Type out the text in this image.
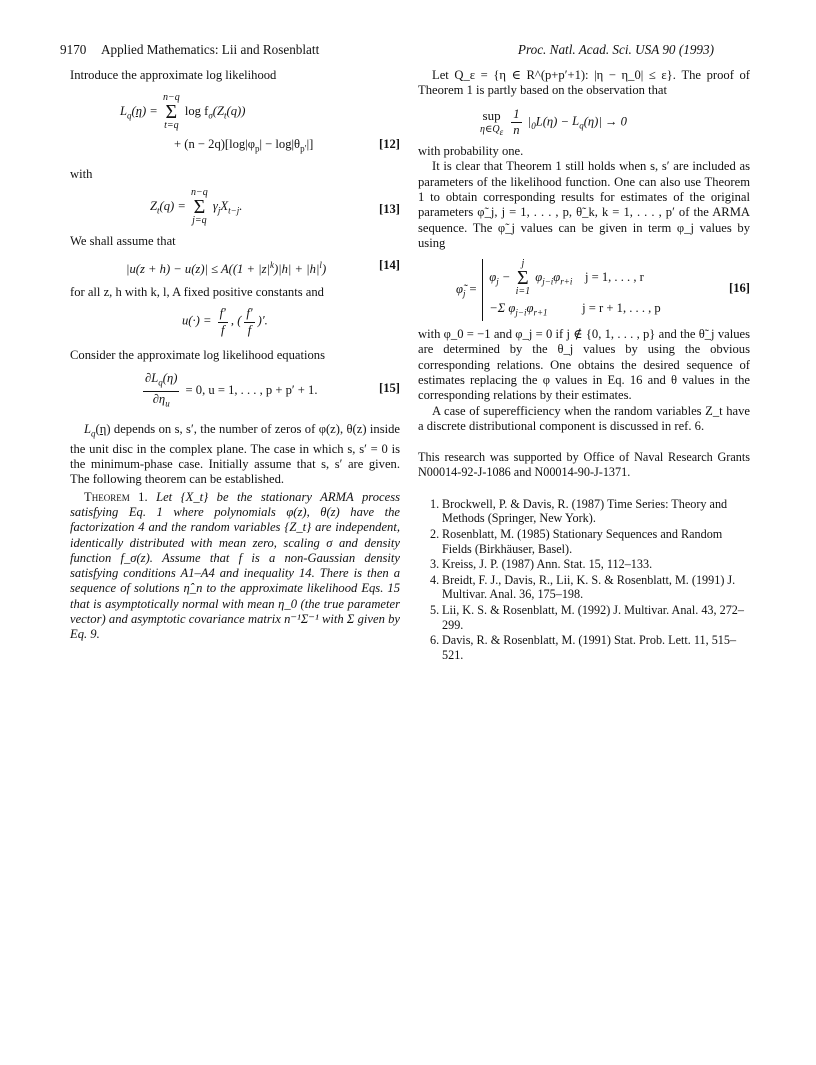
9170 Applied Mathematics: Lii and Rosenblatt	Proc. Natl. Acad. Sci. USA 90 (1993)

Introduce the approximate log likelihood

$L_q(\eta)$ =
n−q
Σ
t=q
$\log f_\sigma(Z_t(q))$
+ $(n - 2q)[\log|\varphi_p| - \log|\theta_{p'}|]$	[12]

with

$Z_t(q)$ =
n−q
Σ
j=q
$\gamma_jX_{t-j}$.	[13]

We shall assume that

$|u(z + h) - u(z)| \le A((1 + |z|^k)|h| + |h|^l)$	[14]

for all z, h with k, l, A fixed positive constants and

$u(\cdot) = \frac{f'}{f}$ , ( $\frac{f'}{f}$ )′.

Consider the approximate log likelihood equations

$\frac{\partial L_q(\eta)}{\partial\eta_u} = 0$, u = 1, . . . , p + p′ + 1.	[15]

$L_q(\eta)$ depends on s, s′, the number of zeros of φ(z), θ(z) inside the unit disc in the complex plane. The case in which s, s′ = 0 is the minimum-phase case. Initially assume that s, s′ are given. The following theorem can be established.

Theorem 1. Let {X_t} be the stationary ARMA process satisfying Eq. 1 where polynomials φ(z), θ(z) have the factorization 4 and the random variables {Z_t} are independent, identically distributed with mean zero, scaling σ and density function f_σ(z). Assume that f is a non-Gaussian density satisfying conditions A1–A4 and inequality 14. There is then a sequence of solutions η̂_n to the approximate likelihood Eqs. 15 that is asymptotically normal with mean η_0 (the true parameter vector) and asymptotic covariance matrix n⁻¹Σ⁻¹ with Σ given by Eq. 9.

Let Q_ε = {η ∈ R^(p+p′+1): |η − η_0| ≤ ε}. The proof of Theorem 1 is partly based on the observation that

sup
$\eta\in Q_\varepsilon$
$\frac{1}{n} |_0L(\eta) - L_q(\eta)| \to 0$

with probability one.

It is clear that Theorem 1 still holds when s, s′ are included as parameters of the likelihood function. One can also use Theorem 1 to obtain corresponding results for estimates of the original parameters φ̃_j, j = 1, . . . , p, θ̃_k, k = 1, . . . , p′ of the ARMA sequence. The φ̃_j values can be given in term φ_j values by using

$\varphĩ_j$ =
$\varphi_j$ −
j
Σ
i=1
$\varphi_{j-i}\varphi_{r+i}$ j = 1, . . . , r
−Σ $\varphi_{j-i}\varphi_{r+1}$	j = r + 1, . . . , p
[16]

with φ_0 = −1 and φ_j = 0 if j ∉ {0, 1, . . . , p} and the θ̃_j values are determined by the θ_j values by using the obvious corresponding relations. One obtains the desired sequence of estimates replacing the φ values in Eq. 16 and θ values in the corresponding relations by their estimates.

A case of superefficiency when the random variables Z_t have a discrete distributional component is discussed in ref. 6.

This research was supported by Office of Naval Research Grants N00014-92-J-1086 and N00014-90-J-1371.

1. Brockwell, P. & Davis, R. (1987) Time Series: Theory and Methods (Springer, New York).
2. Rosenblatt, M. (1985) Stationary Sequences and Random Fields (Birkhäuser, Basel).
3. Kreiss, J. P. (1987) Ann. Stat. 15, 112–133.
4. Breidt, F. J., Davis, R., Lii, K. S. & Rosenblatt, M. (1991) J. Multivar. Anal. 36, 175–198.
5. Lii, K. S. & Rosenblatt, M. (1992) J. Multivar. Anal. 43, 272–299.
6. Davis, R. & Rosenblatt, M. (1991) Stat. Prob. Lett. 11, 515–521.
